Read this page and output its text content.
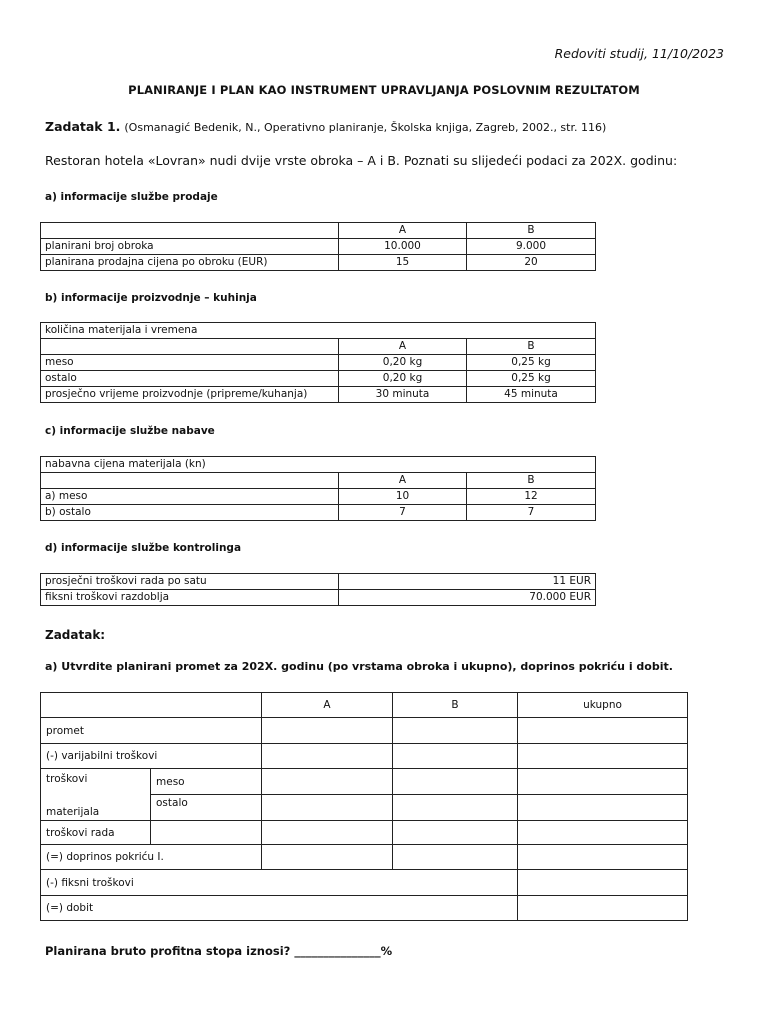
Redoviti studij, 11/10/2023
PLANIRANJE I PLAN KAO INSTRUMENT UPRAVLJANJA POSLOVNIM REZULTATOM
Zadatak 1. (Osmanagić Bedenik, N., Operativno planiranje, Školska knjiga, Zagreb, 2002., str. 116)
Restoran hotela «Lovran» nudi dvije vrste obroka – A i B. Poznati su slijedeći podaci za 202X. godinu:
a) informacije službe prodaje
	A	B
planirani broj obroka	10.000	9.000
planirana prodajna cijena po obroku (EUR)	15	20
b) informacije proizvodnje – kuhinja
količina materijala i vremena		
	A	B
meso	0,20 kg	0,25 kg
ostalo	0,20 kg	0,25 kg
prosječno vrijeme proizvodnje (pripreme/kuhanja)	30 minuta	45 minuta
c) informacije službe nabave
nabavna cijena materijala (kn)		
	A	B
a) meso	10	12
b) ostalo	7	7
d) informacije službe kontrolinga
prosječni troškovi rada po satu	11 EUR
fiksni troškovi razdoblja	70.000 EUR
Zadatak:
a) Utvrdite planirani promet za 202X. godinu (po vrstama obroka i ukupno), doprinos pokriću i dobit.
		A	B	ukupno
promet				
(-) varijabilni troškovi				

troškovi
materijala	meso			
	ostalo			
troškovi rada				
(=) doprinos pokriću I.				
(-) fiksni troškovi				
(=) dobit				
Planirana bruto profitna stopa iznosi? _______________%
